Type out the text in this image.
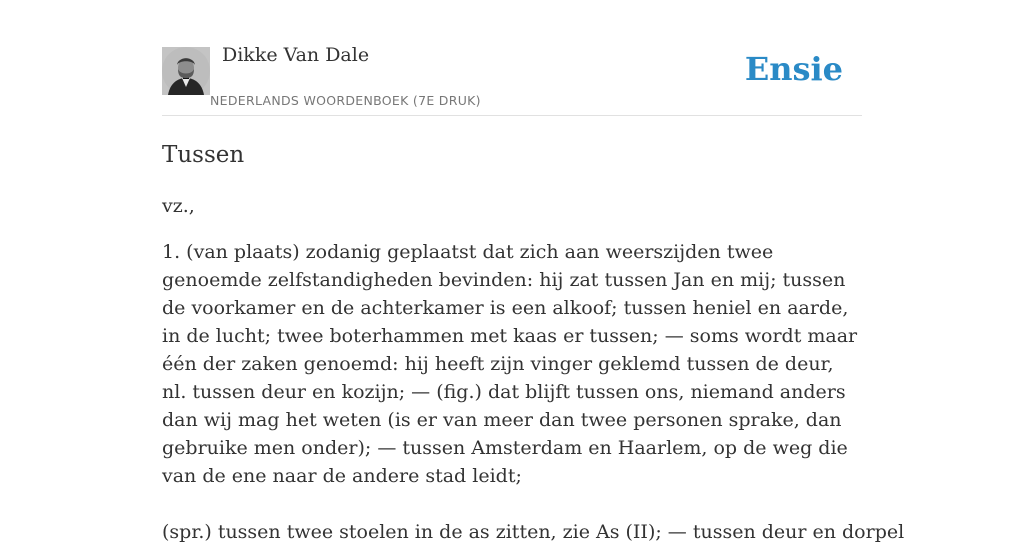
Dikke Van Dale
NEDERLANDS WOORDENBOEK (7E DRUK)
Ensie
Tussen

vz.,

1. (van plaats) zodanig geplaatst dat zich aan weerszijden twee genoemde zelfstandigheden bevinden: hij zat tussen Jan en mij; tussen de voorkamer en de achterkamer is een alkoof; tussen heniel en aarde, in de lucht; twee boterhammen met kaas er tussen; — soms wordt maar één der zaken genoemd: hij heeft zijn vinger geklemd tussen de deur, nl. tussen deur en kozijn; — (fig.) dat blijft tussen ons, niemand anders dan wij mag het weten (is er van meer dan twee personen sprake, dan gebruike men onder); — tussen Amsterdam en Haarlem, op de weg die van de ene naar de andere stad leidt;

(spr.) tussen twee stoelen in de as zitten, zie As (II); — tussen deur en dorpel
